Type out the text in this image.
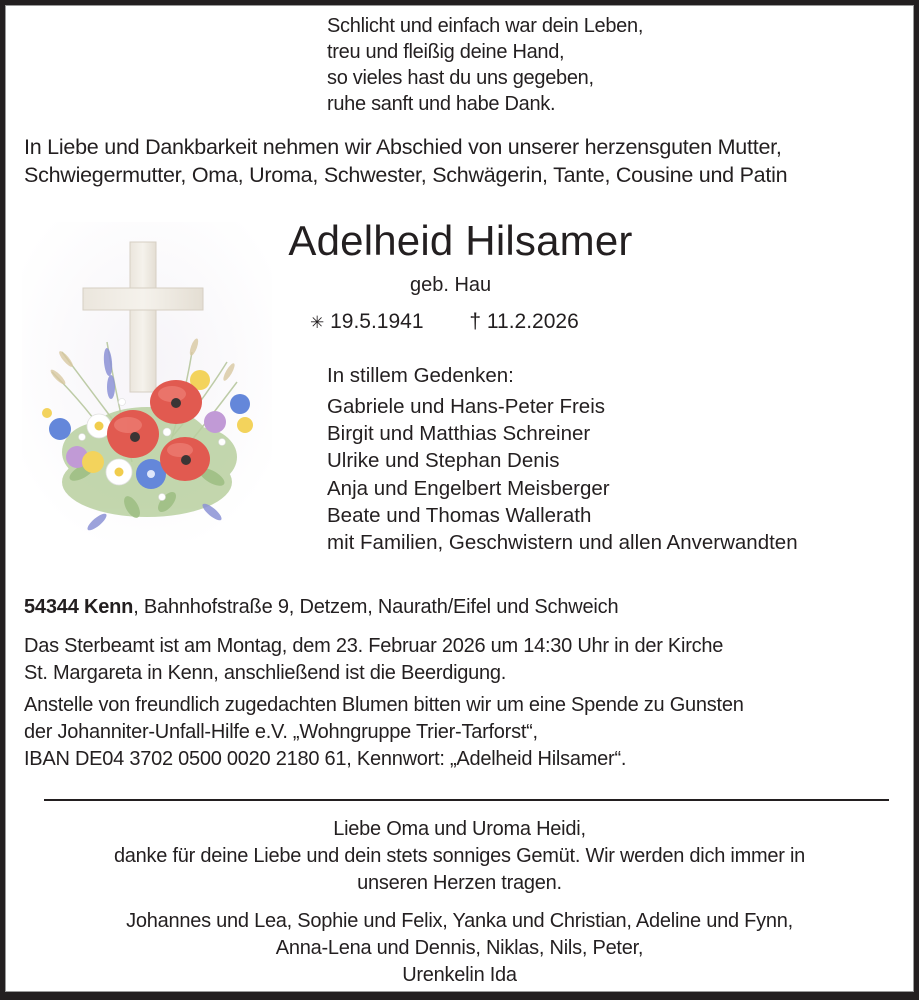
Schlicht und einfach war dein Leben,
treu und fleißig deine Hand,
so vieles hast du uns gegeben,
ruhe sanft und habe Dank.
In Liebe und Dankbarkeit nehmen wir Abschied von unserer herzensguten Mutter,
Schwiegermutter, Oma, Uroma, Schwester, Schwägerin, Tante, Cousine und Patin
Adelheid Hilsamer
geb. Hau
✳ 19.5.1941 † 11.2.2026
In stillem Gedenken:
Gabriele und Hans-Peter Freis
Birgit und Matthias Schreiner
Ulrike und Stephan Denis
Anja und Engelbert Meisberger
Beate und Thomas Wallerath
mit Familien, Geschwistern und allen Anverwandten
54344 Kenn, Bahnhofstraße 9, Detzem, Naurath/Eifel und Schweich
Das Sterbeamt ist am Montag, dem 23. Februar 2026 um 14:30 Uhr in der Kirche
St. Margareta in Kenn, anschließend ist die Beerdigung.
Anstelle von freundlich zugedachten Blumen bitten wir um eine Spende zu Gunsten
der Johanniter-Unfall-Hilfe e.V. „Wohngruppe Trier-Tarforst“,
IBAN DE04 3702 0500 0020 2180 61, Kennwort: „Adelheid Hilsamer“.
Liebe Oma und Uroma Heidi,
danke für deine Liebe und dein stets sonniges Gemüt. Wir werden dich immer in
unseren Herzen tragen.
Johannes und Lea, Sophie und Felix, Yanka und Christian, Adeline und Fynn,
Anna-Lena und Dennis, Niklas, Nils, Peter,
Urenkelin Ida
